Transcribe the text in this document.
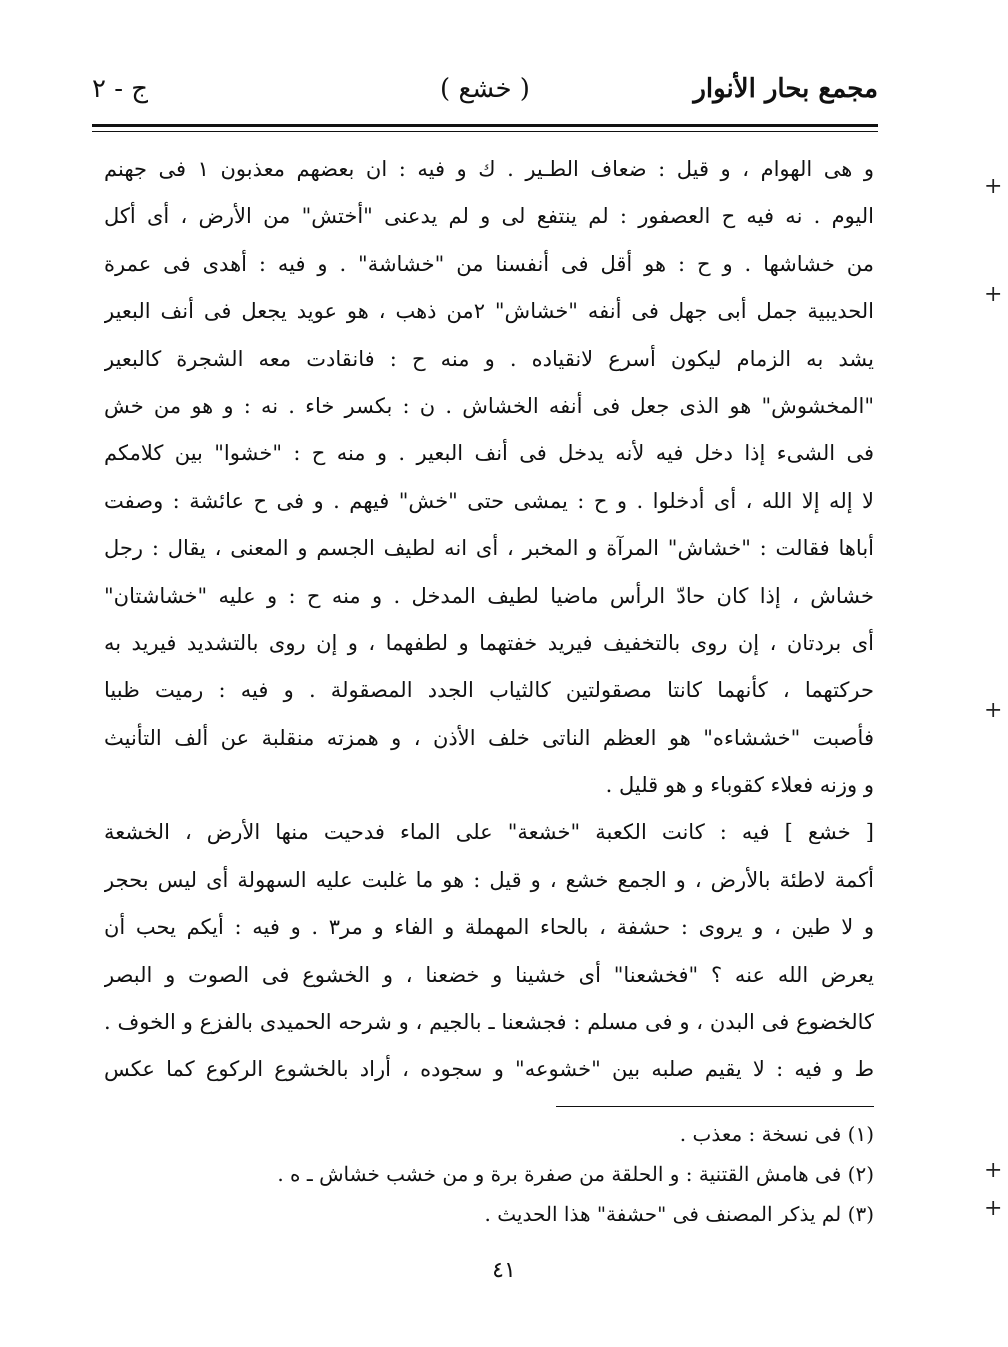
مجمع بحار الأنوار
( خشع )
ج - ٢
و هى الهوام ، و قيل : ضعاف الطـير . ك و فيه : ان بعضهم معذبون ١ فى جهنم
اليوم . نه فيه ح العصفور : لم ينتفع لى و لم يدعنى "أختش" من الأرض ، أى أكل
من خشاشها . و ح : هو أقل فى أنفسنا من "خشاشة" . و فيه : أهدى فى عمرة
الحديبية جمل أبى جهل فى أنفه "خشاش" ٢من ذهب ، هو عويد يجعل فى أنف البعير
يشد به الزمام ليكون أسرع لانقياده . و منه ح : فانقادت معه الشجرة كالبعير
"المخشوش" هو الذى جعل فى أنفه الخشاش . ن : بكسر خاء . نه : و هو من خش
فى الشىء إذا دخل فيه لأنه يدخل فى أنف البعير . و منه ح : "خشوا" بين كلامكم
لا إله إلا الله ، أى أدخلوا . و ح : يمشى حتى "خش" فيهم . و فى ح عائشة : وصفت
أباها فقالت : "خشاش" المرآة و المخبر ، أى انه لطيف الجسم و المعنى ، يقال : رجل
خشاش ، إذا كان حادّ الرأس ماضيا لطيف المدخل . و منه ح : و عليه "خشاشتان"
أى بردتان ، إن روى بالتخفيف فيريد خفتهما و لطفهما ، و إن روى بالتشديد فيريد به
حركتهما ، كأنهما كانتا مصقولتين كالثياب الجدد المصقولة . و فيه : رميت ظبيا
فأصبت "خششاءه" هو العظم الناتى خلف الأذن ، و همزته منقلبة عن ألف التأنيث
و وزنه فعلاء كقوباء و هو قليل .
[ خشع ] فيه : كانت الكعبة "خشعة" على الماء فدحيت منها الأرض ، الخشعة
أكمة لاطئة بالأرض ، و الجمع خشع ، و قيل : هو ما غلبت عليه السهولة أى ليس بحجر
و لا طين ، و يروى : حشفة ، بالحاء المهملة و الفاء و مر٣ . و فيه : أيكم يحب أن
يعرض الله عنه ؟ "فخشعنا" أى خشينا و خضعنا ، و الخشوع فى الصوت و البصر
كالخضوع فى البدن ، و فى مسلم : فجشعنا ـ بالجيم ، و شرحه الحميدى بالفزع و الخوف .
ط و فيه : لا يقيم صلبه بين "خشوعه" و سجوده ، أراد بالخشوع الركوع كما عكس
(١) فى نسخة : معذب .
(٢) فى هامش القتنية : و الحلقة من صفرة برة و من خشب خشاش ـ ه .
(٣) لم يذكر المصنف فى "حشفة" هذا الحديث .
٤١
+
+
+
+
+
